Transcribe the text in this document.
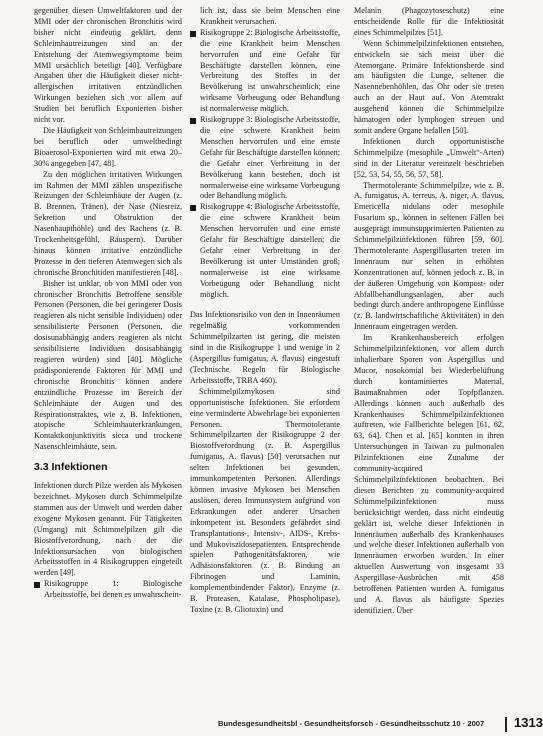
gegenüber diesen Umweltfaktoren und der MMI oder der chronischen Bronchitis wird bisher nicht eindeutig geklärt, denn Schleimhautreizungen sind an der Entstehung der Atemwegsymptome beim MMI ursächlich beteiligt [40]. Verfügbare Angaben über die Häufigkeit dieser nicht-allergischen irritativen entzündlichen Wirkungen beziehen sich vor allem auf Studien bei beruflich Exponierten bisher nicht vor.

Die Häufigkeit von Schleimhautreizungen bei beruflich oder umweltbedingt Bioaerosol-Exponierten wird mit etwa 20–30% angegeben [47, 48].

Zu den möglichen irritativen Wirkungen im Rahmen der MMI zählen unspezifische Reizungen der Schleimhäute der Augen (z. B. Brennen, Tränen), der Nase (Niesreiz, Sekretion und Obstruktion der Nasenhaupthöhle) und des Rachens (z. B. Trockenheitsgefühl, Räuspern). Darüber hinaus können irritative entzündliche Prozesse in den tieferen Atemwegen sich als chronische Bronchitiden manifestieren [48].

Bisher ist unklar, ob von MMI oder von chronischer Bronchitis Betroffene sensible Personen (Personen, die bei geringerer Dosis reagieren als nicht sensible Individuen) oder sensibilisierte Personen (Personen, die dosisunabhängig anders reagieren als nicht sensibilisierte Individuen dosisabhängig reagieren würden) sind [40]. Mögliche prädisponierende Faktoren für MMI und chronische Bronchitis können andere entzündliche Prozesse im Bereich der Schleimhäute der Augen und des Respirationstraktes, wie z. B. Infektionen, atopische Schleimhauterkrankungen, Kontaktkonjunktivitis sicca und trockene Nasenschleimhäute, sein.

3.3 Infektionen

Infektionen durch Pilze werden als Mykosen bezeichnet. Mykosen durch Schimmelpilze stammen aus der Umwelt und werden daher exogene Mykosen genannt. Für Tätigkeiten (Umgang) mit Schimmelpilzen gilt die Biostoffverordnung, nach der die Infektionsursachen von biologischen Arbeitsstoffen in 4 Risikogruppen eingeteilt werden [49].

Risikogruppe 1: Biologische Arbeitsstoffe, bei denen es unwahrschein-

lich ist, dass sie beim Menschen eine Krankheit verursachen.

Risikogruppe 2: Biologische Arbeitsstoffe, die eine Krankheit beim Menschen hervorrufen und eine Gefahr für Beschäftigte darstellen können, eine Verbreitung des Stoffes in der Bevölkerung ist unwahrscheinlich; eine wirksame Vorbeugung oder Behandlung ist normalerweise möglich.
Risikogruppe 3: Biologische Arbeitsstoffe, die eine schwere Krankheit beim Menschen hervorrufen und eine ernste Gefahr für Beschäftigte darstellen können; die Gefahr einer Verbreitung in der Bevölkerung kann bestehen, doch ist normalerweise eine wirksame Vorbeugung oder Behandlung möglich.
Risikogruppe 4: Biologische Arbeitsstoffe, die eine schwere Krankheit beim Menschen hervorrufen und eine ernste Gefahr für Beschäftigte darstellen; die Gefahr einer Verbreitung in der Bevölkerung ist unter Umständen groß; normalerweise ist eine wirksame Vorbeugung oder Behandlung nicht möglich.

Das Infektionsrisiko von den in Innenräumen regelmäßig vorkommenden Schimmelpilzarten ist gering, die meisten sind in die Risikogruppe 1 und wenige in 2 (Aspergillus fumigatus, A. flavus) eingestuft (Technische Regeln für Biologische Arbeitsstoffe, TRBA 460).

Schimmelpilzmykosen sind opportunistische Infektionen. Sie erfordern eine verminderte Abwehrlage bei exponierten Personen. Thermotolerante Schimmelpilzarten der Risikogruppe 2 der Biostoffverordnung (z. B. Aspergillus fumigatus, A. flavus) [50] verursachen nur selten Infektionen bei gesunden, immunkompetenten Personen. Allerdings können invasive Mykosen bei Menschen auslösen, deren Immunsystem aufgrund von Erkrankungen oder anderer Ursachen inkompetent ist. Besonders gefährdet sind Transplantations-, Intensiv-, AIDS-, Krebs- und Mukoviszidosepatienten. Entsprechende spielen Pathogenitätsfaktoren, wie Adhäsionsfaktoren (z. B. Bindung an Fibrinogen und Laminin, komplementbindender Faktor), Enzyme (z. B. Proteasen, Katalase, Phospholipase), Toxine (z. B. Gliotoxin) und

Melanin (Phagozytoseschutz) eine entscheidende Rolle für die Infektiosität eines Schimmelpilzes [51].

Wenn Schimmelpilzinfektionen entstehen, entwickeln sie sich meist über die Atemorgane. Primäre Infektionsherde sind am häufigsten die Lunge, seltener die Nasennebenhöhlen, das Ohr oder sie treten auch an der Haut auf. Von Atemtrakt ausgehend können die Schimmelpilze hämatogen oder lymphogen streuen und somit andere Organe befallen [50].

Infektionen durch opportunistische Schimmelpilze (mesophile „Umwelt“-Arten) sind in der Literatur vereinzelt beschrieben [52, 53, 54, 55, 56, 57, 58].

Thermotolerante Schimmelpilze, wie z. B. A. fumigatus, A. terreus, A. niger, A. flavus, Emericella nidulans oder mesophile Fusarium sp., können in seltenen Fällen bei ausgeprägt immunsupprimierten Patienten zu Schimmelpilzinfektionen führen [59, 60]. Thermotolerante Aspergillusarten treten im Innenraum nur selten in erhöhten Konzentrationen auf, können jedoch z. B. in der äußeren Umgebung von Kompost- oder Abfallbehandlungsanlagen, aber auch bedingt durch andere anthropogene Einflüsse (z. B. landwirtschaftliche Aktivitäten) in den Innenraum eingetragen werden.

Im Krankenhausbereich erfolgen Schimmelpilzinfektionen, vor allem durch inhalierbare Sporen von Aspergillus und Mucor, nosokomial bei Wiederbelüftung durch kontaminiertes Material, Baumaßnahmen oder Topfpflanzen. Allerdings können auch außerhalb des Krankenhauses Schimmelpilzinfektionen auftreten, wie Fallberichte belegen [61, 62, 63, 64]. Chen et al. [65] konnten in ihren Untersuchungen in Taiwan zu pulmonalen Pilzinfektionen eine Zunahme der community-acquired Schimmelpilzinfektionen beobachten. Bei diesen Berichten zu community-acquired Schimmelpilzinfektionen muss berücksichtigt werden, dass nicht eindeutig geklärt ist, welche dieser Infektionen in Innenräumen außerhalb des Krankenhauses und welche dieser Infektionen außerhalb von Innenräumen erworben wurden. In einer aktuellen Auswertung von insgesamt 33 Aspergillose-Ausbrüchen mit 458 betroffenen Patienten wurden A. fumigatus und A. flavus als häufigste Spezies identifiziert. Über

Bundesgesundheitsbl - Gesundheitsforsch - Gesundheitsschutz 10 · 2007 1313
